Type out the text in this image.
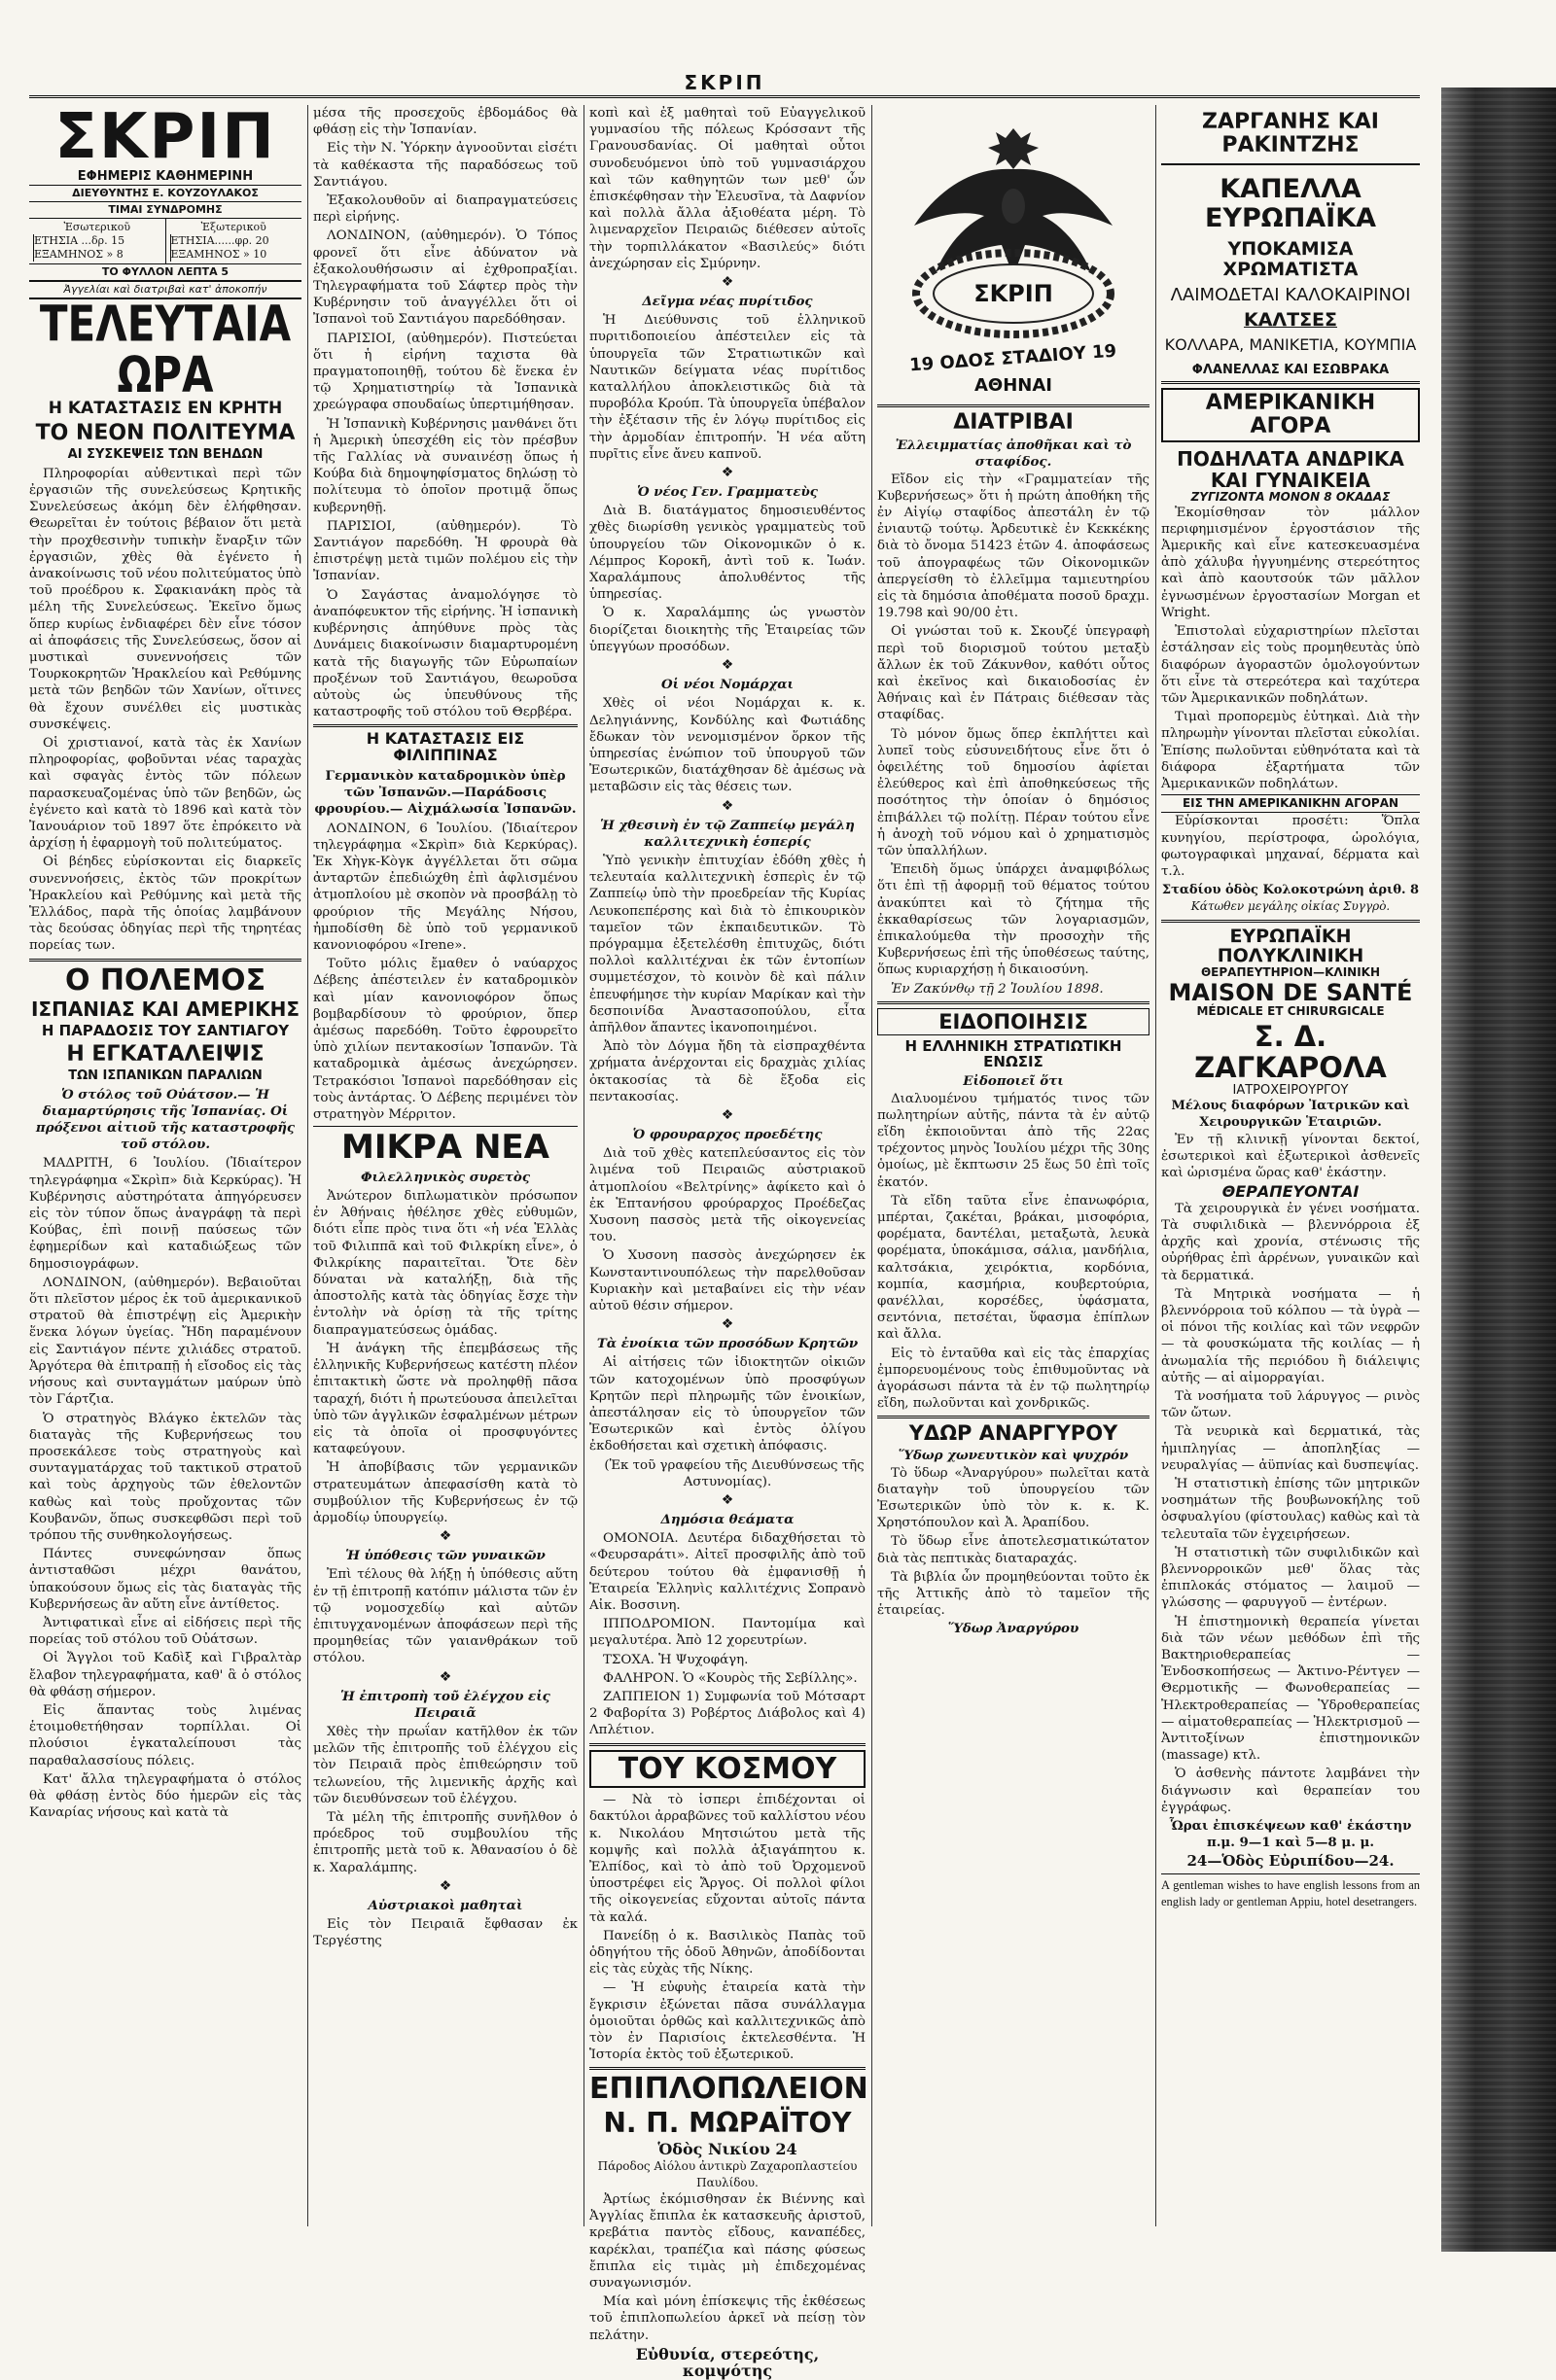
ΣΚΡΙΠ
ΣΚΡΙΠ
ΕΦΗΜΕΡΙΣ ΚΑΘΗΜΕΡΙΝΗ
ΔΙΕΥΘΥΝΤΗΣ Ε. ΚΟΥΖΟΥΛΑΚΟΣ
ΤΙΜΑΙ ΣΥΝΔΡΟΜΗΣ
Ἐσωτερικοῦ
ΕΤΗΣΙΑ ...δρ. 15
ΕΞΑΜΗΝΟΣ » 8
Ἐξωτερικοῦ
ΕΤΗΣΙΑ......φρ. 20
ΕΞΑΜΗΝΟΣ » 10
ΤΟ ΦΥΛΛΟΝ ΛΕΠΤΑ 5
Ἀγγελίαι καὶ διατριβαὶ κατ' ἀποκοπήν
ΤΕΛΕΥΤΑΙΑ ΩΡΑ
Η ΚΑΤΑΣΤΑΣΙΣ ΕΝ ΚΡΗΤΗ
ΤΟ ΝΕΟΝ ΠΟΛΙΤΕΥΜΑ
ΑΙ ΣΥΣΚΕΨΕΙΣ ΤΩΝ ΒΕΗΔΩΝ

Πληροφορίαι αὐθεντικαὶ περὶ τῶν ἐργασιῶν τῆς συνελεύσεως Κρητικῆς Συνελεύσεως ἀκόμη δὲν ἐλήφθησαν. Θεωρεῖται ἐν τούτοις βέβαιον ὅτι μετὰ τὴν προχθεσινὴν τυπικὴν ἔναρξιν τῶν ἐργασιῶν, χθὲς θὰ ἐγένετο ἡ ἀνακοίνωσις τοῦ νέου πολιτεύματος ὑπὸ τοῦ προέδρου κ. Σφακιανάκη πρὸς τὰ μέλη τῆς Συνελεύσεως. Ἐκεῖνο ὅμως ὅπερ κυρίως ἐνδιαφέρει δὲν εἶνε τόσον αἱ ἀποφάσεις τῆς Συνελεύσεως, ὅσον αἱ μυστικαὶ συνεννοήσεις τῶν Τουρκοκρητῶν Ἡρακλείου καὶ Ρεθύμνης μετὰ τῶν βεηδῶν τῶν Χανίων, οἵτινες θὰ ἔχουν συνέλθει εἰς μυστικὰς συνσκέψεις.

Οἱ χριστιανοί, κατὰ τὰς ἐκ Χανίων πληροφορίας, φοβοῦνται νέας ταραχὰς καὶ σφαγὰς ἐντὸς τῶν πόλεων παρασκευαζομένας ὑπὸ τῶν βεηδῶν, ὡς ἐγένετο καὶ κατὰ τὸ 1896 καὶ κατὰ τὸν Ἰανουάριον τοῦ 1897 ὅτε ἐπρόκειτο νὰ ἀρχίσῃ ἡ ἐφαρμογὴ τοῦ πολιτεύματος.

Οἱ βέηδες εὑρίσκονται εἰς διαρκεῖς συνεννοήσεις, ἐκτὸς τῶν προκρίτων Ἡρακλείου καὶ Ρεθύμνης καὶ μετὰ τῆς Ἑλλάδος, παρὰ τῆς ὁποίας λαμβάνουν τὰς δεούσας ὁδηγίας περὶ τῆς τηρητέας πορείας των.

Ο ΠΟΛΕΜΟΣ
ΙΣΠΑΝΙΑΣ ΚΑΙ ΑΜΕΡΙΚΗΣ
Η ΠΑΡΑΔΟΣΙΣ ΤΟΥ ΣΑΝΤΙΑΓΟΥ
Η ΕΓΚΑΤΑΛΕΙΨΙΣ
ΤΩΝ ΙΣΠΑΝΙΚΩΝ ΠΑΡΑΛΙΩΝ

Ὁ στόλος τοῦ Οὐάτσον.— Ἡ διαμαρτύρησις τῆς Ἰσπανίας. Οἱ πρόξενοι αἰτιοῦ τῆς καταστροφῆς τοῦ στόλου.

ΜΑΔΡΙΤΗ, 6 Ἰουλίου. (Ἰδιαίτερον τηλεγράφημα «Σκρὶπ» διὰ Κερκύρας). Ἡ Κυβέρνησις αὐστηρότατα ἀπηγόρευσεν εἰς τὸν τύπον ὅπως ἀναγράφῃ τὰ περὶ Κούβας, ἐπὶ ποινῇ παύσεως τῶν ἐφημερίδων καὶ καταδιώξεως τῶν δημοσιογράφων.

ΛΟΝΔΙΝΟΝ, (αὐθημερόν). Βεβαιοῦται ὅτι πλεῖστον μέρος ἐκ τοῦ ἀμερικανικοῦ στρατοῦ θὰ ἐπιστρέψῃ εἰς Ἀμερικὴν ἕνεκα λόγων ὑγείας. Ἤδη παραμένουν εἰς Σαντιάγον πέντε χιλιάδες στρατοῦ. Ἀργότερα θὰ ἐπιτραπῇ ἡ εἴσοδος εἰς τὰς νήσους καὶ συνταγμάτων μαύρων ὑπὸ τὸν Γάρτζια.

Ὁ στρατηγὸς Βλάγκο ἐκτελῶν τὰς διαταγὰς τῆς Κυβερνήσεως του προσεκάλεσε τοὺς στρατηγοὺς καὶ συνταγματάρχας τοῦ τακτικοῦ στρατοῦ καὶ τοὺς ἀρχηγοὺς τῶν ἐθελοντῶν καθὼς καὶ τοὺς προὔχοντας τῶν Κουβανῶν, ὅπως συσκεφθῶσι περὶ τοῦ τρόπου τῆς συνθηκολογήσεως.

Πάντες συνεφώνησαν ὅπως ἀντισταθῶσι μέχρι θανάτου, ὑπακούσουν ὅμως εἰς τὰς διαταγὰς τῆς Κυβερνήσεως ἂν αὕτη εἶνε ἀντίθετος.

Ἀντιφατικαὶ εἶνε αἱ εἰδήσεις περὶ τῆς πορείας τοῦ στόλου τοῦ Οὐάτσων.

Οἱ Ἄγγλοι τοῦ Καδὶξ καὶ Γιβραλτὰρ ἔλαβον τηλεγραφήματα, καθ' ἃ ὁ στόλος θὰ φθάσῃ σήμερον.

Εἰς ἅπαντας τοὺς λιμένας ἑτοιμοθετήθησαν τορπίλλαι. Οἱ πλούσιοι ἐγκαταλείπουσι τὰς παραθαλασσίους πόλεις.

Κατ' ἄλλα τηλεγραφήματα ὁ στόλος θὰ φθάσῃ ἐντὸς δύο ἡμερῶν εἰς τὰς Καναρίας νήσους καὶ κατὰ τὰ

μέσα τῆς προσεχοῦς ἑβδομάδος θὰ φθάσῃ εἰς τὴν Ἰσπανίαν.

Εἰς τὴν Ν. Ὑόρκην ἀγνοοῦνται εἰσέτι τὰ καθέκαστα τῆς παραδόσεως τοῦ Σαντιάγου.

Ἐξακολουθοῦν αἱ διαπραγματεύσεις περὶ εἰρήνης.

ΛΟΝΔΙΝΟΝ, (αὐθημερόν). Ὁ Τόπος φρονεῖ ὅτι εἶνε ἀδύνατον νὰ ἐξακολουθήσωσιν αἱ ἐχθροπραξίαι. Τηλεγραφήματα τοῦ Σάφτερ πρὸς τὴν Κυβέρνησιν τοῦ ἀναγγέλλει ὅτι οἱ Ἰσπανοὶ τοῦ Σαντιάγου παρεδόθησαν.

ΠΑΡΙΣΙΟΙ, (αὐθημερόν). Πιστεύεται ὅτι ἡ εἰρήνη ταχιστα θὰ πραγματοποιηθῇ, τούτου δὲ ἕνεκα ἐν τῷ Χρηματιστηρίῳ τὰ Ἰσπανικὰ χρεώγραφα σπουδαίως ὑπερτιμήθησαν.

Ἡ Ἰσπανικὴ Κυβέρνησις μανθάνει ὅτι ἡ Ἀμερικὴ ὑπεσχέθη εἰς τὸν πρέσβυν τῆς Γαλλίας νὰ συναινέσῃ ὅπως ἡ Κούβα διὰ δημοψηφίσματος δηλώσῃ τὸ πολίτευμα τὸ ὁποῖον προτιμᾷ ὅπως κυβερνηθῇ.

ΠΑΡΙΣΙΟΙ, (αὐθημερόν). Τὸ Σαντιάγον παρεδόθη. Ἡ φρουρὰ θὰ ἐπιστρέψῃ μετὰ τιμῶν πολέμου εἰς τὴν Ἰσπανίαν.

Ὁ Σαγάστας ἀναμολόγησε τὸ ἀναπόφευκτον τῆς εἰρήνης. Ἡ ἰσπανικὴ κυβέρνησις ἀπηύθυνε πρὸς τὰς Δυνάμεις διακοίνωσιν διαμαρτυρομένη κατὰ τῆς διαγωγῆς τῶν Εὐρωπαίων προξένων τοῦ Σαντιάγου, θεωροῦσα αὐτοὺς ὡς ὑπευθύνους τῆς καταστροφῆς τοῦ στόλου τοῦ Θερβέρα.

Η ΚΑΤΑΣΤΑΣΙΣ ΕΙΣ ΦΙΛΙΠΠΙΝΑΣ

Γερμανικὸν καταδρομικὸν ὑπὲρ τῶν Ἰσπανῶν.—Παράδοσις φρουρίου.— Αἰχμάλωσία Ἰσπανῶν.

ΛΟΝΔΙΝΟΝ, 6 Ἰουλίου. (Ἰδιαίτερον τηλεγράφημα «Σκρὶπ» διὰ Κερκύρας). Ἐκ Χὴγκ-Κὸγκ ἀγγέλλεται ὅτι σῶμα ἀνταρτῶν ἐπεδιώχθη ἐπὶ ἀφλισμένου ἀτμοπλοίου μὲ σκοπὸν νὰ προσβάλῃ τὸ φρούριον τῆς Μεγάλης Νήσου, ἠμποδίσθη δὲ ὑπὸ τοῦ γερμανικοῦ κανονιοφόρου «Irene».

Τοῦτο μόλις ἔμαθεν ὁ ναύαρχος Δέβεης ἀπέστειλεν ἐν καταδρομικὸν καὶ μίαν κανονιοφόρον ὅπως βομβαρδίσουν τὸ φρούριον, ὅπερ ἀμέσως παρεδόθη. Τοῦτο ἐφρουρεῖτο ὑπὸ χιλίων πεντακοσίων Ἰσπανῶν. Τὰ καταδρομικὰ ἀμέσως ἀνεχώρησεν. Τετρακόσιοι Ἰσπανοὶ παρεδόθησαν εἰς τοὺς ἀντάρτας. Ὁ Δέβεης περιμένει τὸν στρατηγὸν Μέρριτον.

ΜΙΚΡΑ ΝΕΑ
Φιλελληνικὸς συρετὸς

Ἀνώτερον διπλωματικὸν πρόσωπον ἐν Ἀθήναις ἠθέλησε χθὲς εὐθυμῶν, διότι εἶπε πρὸς τινα ὅτι «ἡ νέα Ἑλλὰς τοῦ Φιλιππᾶ καὶ τοῦ Φιλκρίκη εἶνε», ὁ Φιλκρίκης παραιτεῖται. Ὅτε δὲν δύναται νὰ καταλήξῃ, διὰ τῆς ἀποστολῆς κατὰ τὰς ὁδηγίας ἔσχε τὴν ἐντολὴν νὰ ὁρίσῃ τὰ τῆς τρίτης διαπραγματεύσεως ὁμάδας.

Ἡ ἀνάγκη τῆς ἐπεμβάσεως τῆς ἑλληνικῆς Κυβερνήσεως κατέστη πλέον ἐπιτακτικὴ ὥστε νὰ προληφθῇ πᾶσα ταραχή, διότι ἡ πρωτεύουσα ἀπειλεῖται ὑπὸ τῶν ἀγγλικῶν ἐσφαλμένων μέτρων εἰς τὰ ὁποῖα οἱ προσφυγόντες καταφεύγουν.

Ἡ ἀποβίβασις τῶν γερμανικῶν στρατευμάτων ἀπεφασίσθη κατὰ τὸ συμβούλιον τῆς Κυβερνήσεως ἐν τῷ ἀρμοδίῳ ὑπουργείῳ.

❖
Ἡ ὑπόθεσις τῶν γυναικῶν

Ἐπὶ τέλους θὰ λήξῃ ἡ ὑπόθεσις αὕτη ἐν τῇ ἐπιτροπῇ κατόπιν μάλιστα τῶν ἐν τῷ νομοσχεδίῳ καὶ αὐτῶν ἐπιτυγχανομένων ἀποφάσεων περὶ τῆς προμηθείας τῶν γαιανθράκων τοῦ στόλου.

❖
Ἡ ἐπιτροπὴ τοῦ ἐλέγχου εἰς Πειραιᾶ

Χθὲς τὴν πρωΐαν κατῆλθον ἐκ τῶν μελῶν τῆς ἐπιτροπῆς τοῦ ἐλέγχου εἰς τὸν Πειραιᾶ πρὸς ἐπιθεώρησιν τοῦ τελωνείου, τῆς λιμενικῆς ἀρχῆς καὶ τῶν διευθύνσεων τοῦ ἐλέγχου.

Τὰ μέλη τῆς ἐπιτροπῆς συνῆλθον ὁ πρόεδρος τοῦ συμβουλίου τῆς ἐπιτροπῆς μετὰ τοῦ κ. Ἀθανασίου ὁ δὲ κ. Χαραλάμπης.

❖
Αὐστριακοὶ μαθηταὶ

Εἰς τὸν Πειραιᾶ ἔφθασαν ἐκ Τεργέστης

κοπὶ καὶ ἐξ μαθηταὶ τοῦ Εὐαγγελικοῦ γυμνασίου τῆς πόλεως Κρόσσαντ τῆς Γρανουσδανίας. Οἱ μαθηταὶ οὗτοι συνοδευόμενοι ὑπὸ τοῦ γυμνασιάρχου καὶ τῶν καθηγητῶν των μεθ' ὧν ἐπισκέφθησαν τὴν Ἐλευσῖνα, τὰ Δαφνίον καὶ πολλὰ ἄλλα ἀξιοθέατα μέρη. Τὸ λιμεναρχεῖον Πειραιῶς διέθεσεν αὐτοῖς τὴν τορπιλλάκατον «Βασιλεύς» διότι ἀνεχώρησαν εἰς Σμύρνην.

❖
Δεῖγμα νέας πυρίτιδος

Ἡ Διεύθυνσις τοῦ ἑλληνικοῦ πυριτιδοποιείου ἀπέστειλεν εἰς τὰ ὑπουργεῖα τῶν Στρατιωτικῶν καὶ Ναυτικῶν δείγματα νέας πυρίτιδος καταλλήλου ἀποκλειστικῶς διὰ τὰ πυροβόλα Κρούπ. Τὰ ὑπουργεῖα ὑπέβαλον τὴν ἐξέτασιν τῆς ἐν λόγῳ πυρίτιδος εἰς τὴν ἁρμοδίαν ἐπιτροπήν. Ἡ νέα αὕτη πυρῖτις εἶνε ἄνευ καπνοῦ.

❖
Ὁ νέος Γεν. Γραμματεὺς

Διὰ Β. διατάγματος δημοσιευθέντος χθὲς διωρίσθη γενικὸς γραμματεὺς τοῦ ὑπουργείου τῶν Οἰκονομικῶν ὁ κ. Λέμπρος Κοροκῆ, ἀντὶ τοῦ κ. Ἰωάν. Χαραλάμπους ἀπολυθέντος τῆς ὑπηρεσίας.

Ὁ κ. Χαραλάμπης ὡς γνωστὸν διορίζεται διοικητὴς τῆς Ἑταιρείας τῶν ὑπεγγύων προσόδων.

❖
Οἱ νέοι Νομάρχαι

Χθὲς οἱ νέοι Νομάρχαι κ. κ. Δεληγιάννης, Κονδύλης καὶ Φωτιάδης ἔδωκαν τὸν νενομισμένον ὅρκον τῆς ὑπηρεσίας ἐνώπιον τοῦ ὑπουργοῦ τῶν Ἐσωτερικῶν, διατάχθησαν δὲ ἀμέσως νὰ μεταβῶσιν εἰς τὰς θέσεις των.

❖
Ἡ χθεσινὴ ἐν τῷ Ζαππείῳ μεγάλη καλλιτεχνικὴ ἑσπερίς

Ὑπὸ γενικὴν ἐπιτυχίαν ἐδόθη χθὲς ἡ τελευταία καλλιτεχνικὴ ἑσπερὶς ἐν τῷ Ζαππείῳ ὑπὸ τὴν προεδρείαν τῆς Κυρίας Λευκοπεπέρσης καὶ διὰ τὸ ἐπικουρικὸν ταμεῖον τῶν ἐκπαιδευτικῶν. Τὸ πρόγραμμα ἐξετελέσθη ἐπιτυχῶς, διότι πολλοὶ καλλιτέχναι ἐκ τῶν ἐντοπίων συμμετέσχον, τὸ κοινὸν δὲ καὶ πάλιν ἐπευφήμησε τὴν κυρίαν Μαρίκαν καὶ τὴν δεσποινίδα Ἀναστασοπούλου, εἶτα ἀπῆλθον ἅπαντες ἱκανοποιημένοι.

Ἀπὸ τὸν Δόγμα ἤδη τὰ εἰσπραχθέντα χρήματα ἀνέρχονται εἰς δραχμὰς χιλίας ὀκτακοσίας τὰ δὲ ἔξοδα εἰς πεντακοσίας.

❖
Ὁ φρουραρχος προεδέτης

Διὰ τοῦ χθὲς κατεπλεύσαντος εἰς τὸν λιμένα τοῦ Πειραιῶς αὐστριακοῦ ἀτμοπλοίου «Βελτρίνης» ἀφίκετο καὶ ὁ ἐκ Ἑπτανήσου φρούραρχος Προέδεζας Χυσονη πασσὸς μετὰ τῆς οἰκογενείας του.

Ὁ Χυσονη πασσὸς ἀνεχώρησεν ἐκ Κωνσταντινουπόλεως τὴν παρελθοῦσαν Κυριακὴν καὶ μεταβαίνει εἰς τὴν νέαν αὐτοῦ θέσιν σήμερον.

❖
Τὰ ἐνοίκια τῶν προσόδων Κρητῶν

Αἱ αἰτήσεις τῶν ἰδιοκτητῶν οἰκιῶν τῶν κατοχομένων ὑπὸ προσφύγων Κρητῶν περὶ πληρωμῆς τῶν ἐνοικίων, ἀπεστάλησαν εἰς τὸ ὑπουργεῖον τῶν Ἐσωτερικῶν καὶ ἐντὸς ὀλίγου ἐκδοθήσεται καὶ σχετικὴ ἀπόφασις.

(Ἐκ τοῦ γραφείου τῆς Διευθύνσεως τῆς Αστυνομίας).

❖
Δημόσια θεάματα

ΟΜΟΝΟΙΑ. Δευτέρα διδαχθήσεται τὸ «Φευρσαράτι». Αἰτεῖ προσφιλῆς ἀπὸ τοῦ δεύτερου τούτου θὰ ἐμφανισθῇ ἡ Ἑταιρεία Ἑλληνὶς καλλιτέχνις Σοπρανὸ Αἰκ. Βοσσινη.

ΙΠΠΟΔΡΟΜΙΟΝ. Παντομίμα καὶ μεγαλυτέρα. Ἀπὸ 12 χορευτρίων.

ΤΣΟΧΑ. Ἡ Ψυχοφάγη.

ΦΑΛΗΡΟΝ. Ὁ «Κουρὸς τῆς Σεβίλλης».

ΖΑΠΠΕΙΟΝ 1) Συμφωνία τοῦ Μότσαρτ 2 Φαβορίτα 3) Ροβέρτος Διάβολος καὶ 4) Λπλέτιον.

ΤΟΥ ΚΟΣΜΟΥ

— Νὰ τὸ ἰσπερι ἐπιδέχονται οἱ δακτύλοι ἀρραβῶνες τοῦ καλλίστου νέου κ. Νικολάου Μητσιώτου μετὰ τῆς κομψῆς καὶ πολλὰ ἀξιαγάπητου κ. Ἐλπίδος, καὶ τὸ ἀπὸ τοῦ Ὀρχομενοῦ ὑποστρέφει εἰς Ἄργος. Οἱ πολλοὶ φίλοι τῆς οἰκογενείας εὔχονται αὐτοῖς πάντα τὰ καλά.

Πανείδῃ ὁ κ. Βασιλικὸς Παπὰς τοῦ ὁδηγήτου τῆς ὁδοῦ Ἀθηνῶν, ἀποδίδονται εἰς τὰς εὐχὰς τῆς Νίκης.

— Ἡ εὐφυὴς ἑταιρεία κατὰ τὴν ἔγκρισιν ἐξώνεται πᾶσα συνάλλαγμα ὁμοιοῦται ὀρθῶς καὶ καλλιτεχνικῶς ἀπὸ τὸν ἐν Παρισίοις ἐκτελεσθέντα. Ἡ Ἱστορία ἐκτὸς τοῦ ἐξωτερικοῦ.

ΕΠΙΠΛΟΠΩΛΕΙΟΝ
Ν. Π. ΜΩΡΑΪΤΟΥ
Ὁδὸς Νικίου 24
Πάροδος Αἰόλου ἀντικρὺ Ζαχαροπλαστείου Παυλίδου.

Ἀρτίως ἐκόμισθησαν ἐκ Βιέννης καὶ Ἀγγλίας ἔπιπλα ἐκ κατασκευῆς ἀριστοῦ, κρεβάτια παντὸς εἴδους, καναπέδες, καρέκλαι, τραπέζια καὶ πάσης φύσεως ἔπιπλα εἰς τιμὰς μὴ ἐπιδεχομένας συναγωνισμόν.

Μία καὶ μόνη ἐπίσκεψις τῆς ἐκθέσεως τοῦ ἐπιπλοπωλείου ἀρκεῖ νὰ πείσῃ τὸν πελάτην.

Εὐθυνία, στερεότης, κομψότης
ΣΚΡΙΠ
19 ΟΔΟΣ ΣΤΑΔΙΟΥ 19
ΑΘΗΝΑΙ
ΔΙΑΤΡΙΒΑΙ
Ἐλλειμματίας ἀποθῆκαι καὶ τὸ σταφίδος.

Εἴδον εἰς τὴν «Γραμματείαν τῆς Κυβερνήσεως» ὅτι ἡ πρώτη ἀποθήκη τῆς ἐν Αἰγίῳ σταφίδος ἀπεστάλη ἐν τῷ ἐνιαυτῷ τούτῳ. Ἀρδευτικὲ ἐν Κεκκέκης διὰ τὸ ὄνομα 51423 ἐτῶν 4. ἀποφάσεως τοῦ ἀπογραφέως τῶν Οἰκονομικῶν ἀπεργείσθη τὸ ἐλλεῖμμα ταμιευτηρίου εἰς τὰ δημόσια ἀποθέματα ποσοῦ δραχμ. 19.798 καὶ 90/00 ἐτι.

Οἱ γνώσται τοῦ κ. Σκουζέ ὑπεγραφὴ περὶ τοῦ διορισμοῦ τούτου μεταξὺ ἄλλων ἐκ τοῦ Ζάκυνθον, καθότι οὗτος καὶ ἐκεῖνος καὶ δικαιοδοσίας ἐν Ἀθήναις καὶ ἐν Πάτραις διέθεσαν τὰς σταφίδας.

Τὸ μόνον ὅμως ὅπερ ἐκπλήττει καὶ λυπεῖ τοὺς εὐσυνειδήτους εἶνε ὅτι ὁ ὀφειλέτης τοῦ δημοσίου ἀφίεται ἐλεύθερος καὶ ἐπὶ ἀποθηκεύσεως τῆς ποσότητος τὴν ὁποίαν ὁ δημόσιος ἐπιβάλλει τῷ πολίτῃ. Πέραν τούτου εἶνε ἡ ἀνοχὴ τοῦ νόμου καὶ ὁ χρηματισμὸς τῶν ὑπαλλήλων.

Ἐπειδὴ ὅμως ὑπάρχει ἀναμφιβόλως ὅτι ἐπὶ τῇ ἀφορμῇ τοῦ θέματος τούτου ἀνακύπτει καὶ τὸ ζήτημα τῆς ἐκκαθαρίσεως τῶν λογαριασμῶν, ἐπικαλούμεθα τὴν προσοχὴν τῆς Κυβερνήσεως ἐπὶ τῆς ὑποθέσεως ταύτης, ὅπως κυριαρχήσῃ ἡ δικαιοσύνη.

Ἐν Ζακύνθῳ τῇ 2 Ἰουλίου 1898.

ΕΙΔΟΠΟΙΗΣΙΣ
Η ΕΛΛΗΝΙΚΗ ΣΤΡΑΤΙΩΤΙΚΗ ΕΝΩΣΙΣ
Εἰδοποιεῖ ὅτι

Διαλυομένου τμήματός τινος τῶν πωλητηρίων αὐτῆς, πάντα τὰ ἐν αὐτῷ εἴδη ἐκποιοῦνται ἀπὸ τῆς 22ας τρέχοντος μηνὸς Ἰουλίου μέχρι τῆς 30ης ὁμοίως, μὲ ἔκπτωσιν 25 ἕως 50 ἐπὶ τοῖς ἑκατόν.

Τὰ εἴδη ταῦτα εἶνε ἐπανωφόρια, μπέρται, ζακέται, βράκαι, μισοφόρια, φορέματα, δαντέλαι, μεταξωτὰ, λευκὰ φορέματα, ὑποκάμισα, σάλια, μανδήλια, καλτσάκια, χειρόκτια, κορδόνια, κομπία, κασμήρια, κουβερτούρια, φανέλλαι, κορσέδες, ὑφάσματα, σεντόνια, πετσέται, ὕφασμα ἐπίπλων καὶ ἄλλα.

Εἰς τὸ ἐνταῦθα καὶ εἰς τὰς ἐπαρχίας ἐμπορευομένους τοὺς ἐπιθυμοῦντας νὰ ἀγοράσωσι πάντα τὰ ἐν τῷ πωλητηρίῳ εἴδη, πωλοῦνται καὶ χονδρικῶς.

ΥΔΩΡ ΑΝΑΡΓΥΡΟΥ
Ὕδωρ χωνευτικὸν καὶ ψυχρόν

Τὸ ὕδωρ «Ἀναργύρου» πωλεῖται κατὰ διαταγὴν τοῦ ὑπουργείου τῶν Ἐσωτερικῶν ὑπὸ τὸν κ. κ. Κ. Χρηστόπουλον καὶ Ἀ. Ἀραπίδου.

Τὸ ὕδωρ εἶνε ἀποτελεσματικώτατον διὰ τὰς πεπτικὰς διαταραχάς.

Τὰ βιβλία ὧν προμηθεύονται τοῦτο ἐκ τῆς Ἀττικῆς ἀπὸ τὸ ταμεῖον τῆς ἑταιρείας.

Ὕδωρ Ἀναργύρου
ΖΑΡΓΑΝΗΣ ΚΑΙ ΡΑΚΙΝΤΖΗΣ
ΚΑΠΕΛΛΑ ΕΥΡΩΠΑΪΚΑ
ΥΠΟΚΑΜΙΣΑ ΧΡΩΜΑΤΙΣΤΑ
ΛΑΙΜΟΔΕΤΑΙ ΚΑΛΟΚΑΙΡΙΝΟΙ
ΚΑΛΤΣΕΣ
ΚΟΛΛΑΡΑ, ΜΑΝΙΚΕΤΙΑ, ΚΟΥΜΠΙΑ
ΦΛΑΝΕΛΛΑΣ ΚΑΙ ΕΣΩΒΡΑΚΑ
ΑΜΕΡΙΚΑΝΙΚΗ ΑΓΟΡΑ
ΠΟΔΗΛΑΤΑ ΑΝΔΡΙΚΑ ΚΑΙ ΓΥΝΑΙΚΕΙΑ
ΖΥΓΙΖΟΝΤΑ ΜΟΝΟΝ 8 ΟΚΑΔΑΣ

Ἐκομίσθησαν τὸν μάλλον περιφημισμένον ἐργοστάσιον τῆς Ἀμερικῆς καὶ εἶνε κατεσκευασμένα ἀπὸ χάλυβα ἠγγυημένης στερεότητος καὶ ἀπὸ καουτσούκ τῶν μᾶλλον ἐγνωσμένων ἐργοστασίων Morgan et Wright.

Ἐπιστολαὶ εὐχαριστηρίων πλεῖσται ἐστάλησαν εἰς τοὺς προμηθευτὰς ὑπὸ διαφόρων ἀγοραστῶν ὁμολογούντων ὅτι εἶνε τὰ στερεότερα καὶ ταχύτερα τῶν Ἀμερικανικῶν ποδηλάτων.

Τιμαὶ προπορεμὺς ἐὐτηκαὶ. Διὰ τὴν πληρωμὴν γίνονται πλεῖσται εὐκολίαι. Ἐπίσης πωλοῦνται εὐθηνότατα καὶ τὰ διάφορα ἐξαρτήματα τῶν Ἀμερικανικῶν ποδηλάτων.

ΕΙΣ ΤΗΝ ΑΜΕΡΙΚΑΝΙΚΗΝ ΑΓΟΡΑΝ

Εὑρίσκονται προσέτι: Ὅπλα κυνηγίου, περίστροφα, ὡρολόγια, φωτογραφικαὶ μηχαναί, δέρματα καὶ τ.λ.

Σταδίου ὁδὸς Κολοκοτρώνη ἀριθ. 8
Κάτωθεν μεγάλης οἰκίας Συγγρὸ.
ΕΥΡΩΠΑΪΚΗ ΠΟΛΥΚΛΙΝΙΚΗ
ΘΕΡΑΠΕΥΤΗΡΙΟΝ—ΚΛΙΝΙΚΗ
MAISON DE SANTÉ
MÉDICALE ET CHIRURGICALE
Σ. Δ. ΖΑΓΚΑΡΟΛΑ
ΙΑΤΡΟΧΕΙΡΟΥΡΓΟΥ
Μέλους διαφόρων Ἰατρικῶν καὶ Χειρουργικῶν Ἑταιριῶν.

Ἐν τῇ κλινικῇ γίνονται δεκτοί, ἐσωτερικοὶ καὶ ἐξωτερικοὶ ἀσθενεῖς καὶ ὡρισμένα ὥρας καθ' ἑκάστην.

ΘΕΡΑΠΕΥΟΝΤΑΙ

Τὰ χειρουργικὰ ἐν γένει νοσήματα. Τὰ συφιλιδικὰ — βλεννόρροια ἐξ ἀρχῆς καὶ χρονία, στένωσις τῆς οὐρήθρας ἐπὶ ἀρρένων, γυναικῶν καὶ τὰ δερματικά.

Τὰ Μητρικὰ νοσήματα — ἡ βλεννόρροια τοῦ κόλπου — τὰ ὑγρὰ — οἱ πόνοι τῆς κοιλίας καὶ τῶν νεφρῶν — τὰ φουσκώματα τῆς κοιλίας — ἡ ἀνωμαλία τῆς περιόδου ἢ διάλειψις αὐτῆς — αἱ αἱμορραγίαι.

Τὰ νοσήματα τοῦ λάρυγγος — ρινὸς τῶν ὤτων.

Τὰ νευρικὰ καὶ δερματικά, τὰς ἡμιπληγίας — ἀποπληξίας — νευραλγίας — ἀϋπνίας καὶ δυσπεψίας.

Ἡ στατιστικὴ ἐπίσης τῶν μητρικῶν νοσημάτων τῆς βουβωνοκήλης τοῦ ὀσφυαλγίου (φίστουλας) καθὼς καὶ τὰ τελευταῖα τῶν ἐγχειρήσεων.

Ἡ στατιστικὴ τῶν συφιλιδικῶν καὶ βλεννορροικῶν μεθ' ὅλας τὰς ἐπιπλοκάς στόματος — λαιμοῦ — γλώσσης — φαρυγγοῦ — ἐντέρων.

Ἡ ἐπιστημονικὴ θεραπεία γίνεται διὰ τῶν νέων μεθόδων ἐπὶ τῆς Βακτηριοθεραπείας — Ἐνδοσκοπήσεως — Ἀκτινο-Ρέντγεν — Θερμοτικῆς — Φωνοθεραπείας — Ἠλεκτροθεραπείας — Ὑδροθεραπείας — αἱματοθεραπείας — Ἠλεκτρισμοῦ — Ἀντιτοξίνων ἐπιστημονικῶν (massage) κτλ.

Ὁ ἀσθενὴς πάντοτε λαμβάνει τὴν διάγνωσιν καὶ θεραπείαν του ἐγγράφως.

Ὧραι ἐπισκέψεων καθ' ἑκάστην π.μ. 9—1 καὶ 5—8 μ. μ.

24—Ὁδὸς Εὐριπίδου—24.

A gentleman wishes to have english lessons from an english lady or gentleman Appiu, hotel desetrangers.
